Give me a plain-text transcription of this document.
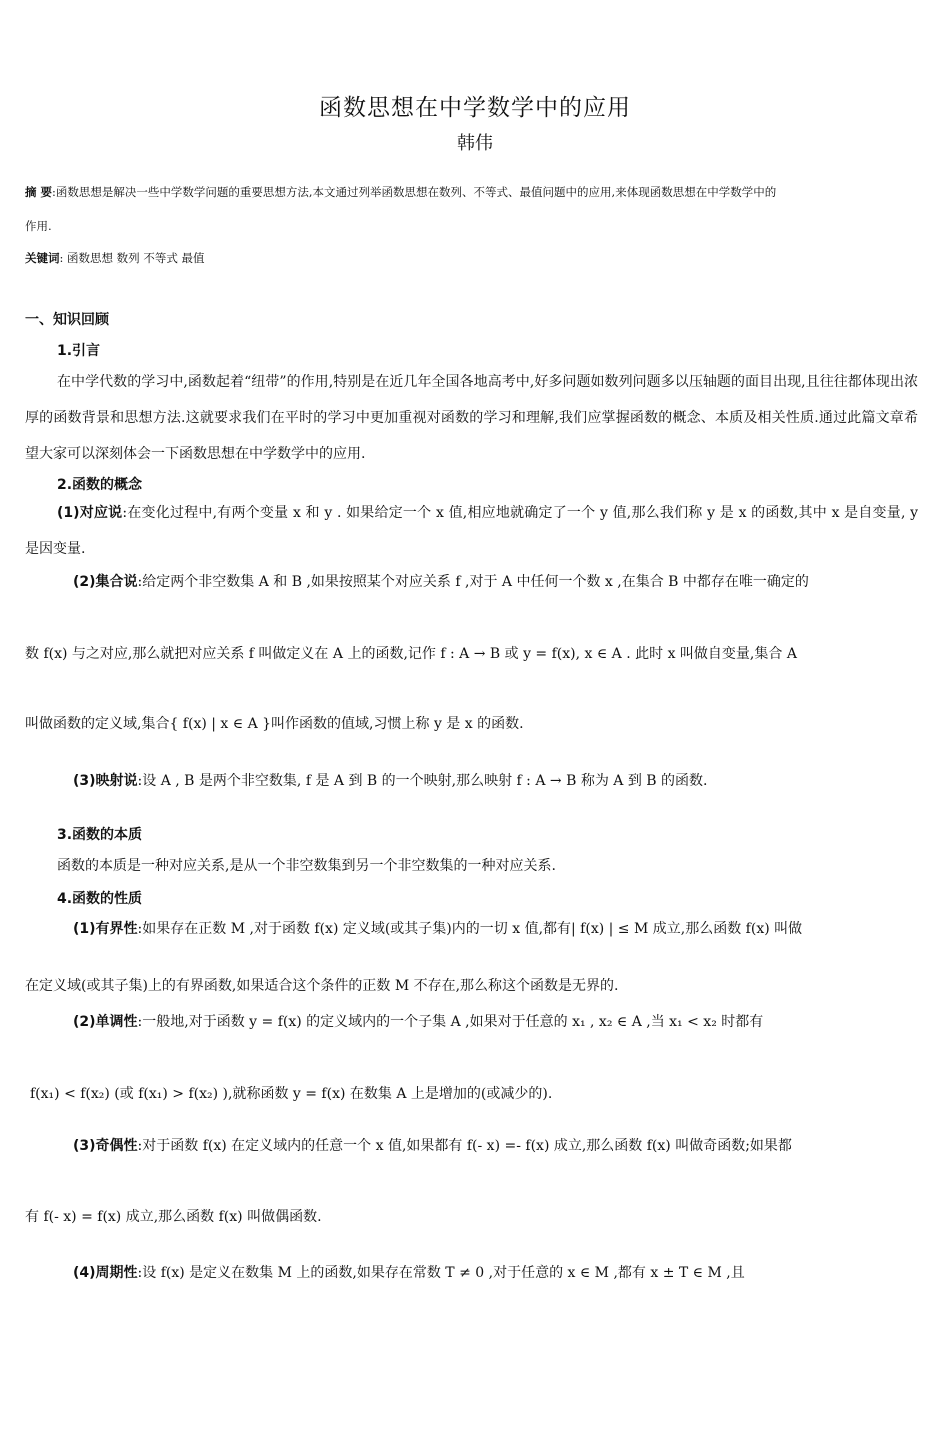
函数思想在中学数学中的应用
韩伟
摘 要:函数思想是解决一些中学数学问题的重要思想方法,本文通过列举函数思想在数列、不等式、最值问题中的应用,来体现函数思想在中学数学中的
作用.
关键词: 函数思想 数列 不等式 最值
一、知识回顾
1.引言
在中学代数的学习中,函数起着“纽带”的作用,特别是在近几年全国各地高考中,好多问题如数列问题多以压轴题的面目出现,且往往都体现出浓厚的函数背景和思想方法.这就要求我们在平时的学习中更加重视对函数的学习和理解,我们应掌握函数的概念、本质及相关性质.通过此篇文章希望大家可以深刻体会一下函数思想在中学数学中的应用.
2.函数的概念
(1)对应说:在变化过程中,有两个变量 x 和 y . 如果给定一个 x 值,相应地就确定了一个 y 值,那么我们称 y 是 x 的函数,其中 x 是自变量, y 是因变量.
(2)集合说:给定两个非空数集 A 和 B ,如果按照某个对应关系 f ,对于 A 中任何一个数 x ,在集合 B 中都存在唯一确定的
数 f(x) 与之对应,那么就把对应关系 f 叫做定义在 A 上的函数,记作 f : A → B 或 y = f(x), x ∈ A . 此时 x 叫做自变量,集合 A
叫做函数的定义域,集合{ f(x) | x ∈ A }叫作函数的值域,习惯上称 y 是 x 的函数.
(3)映射说:设 A , B 是两个非空数集, f 是 A 到 B 的一个映射,那么映射 f : A → B 称为 A 到 B 的函数.
3.函数的本质
函数的本质是一种对应关系,是从一个非空数集到另一个非空数集的一种对应关系.
4.函数的性质
(1)有界性:如果存在正数 M ,对于函数 f(x) 定义域(或其子集)内的一切 x 值,都有| f(x) | ≤ M 成立,那么函数 f(x) 叫做
在定义域(或其子集)上的有界函数,如果适合这个条件的正数 M 不存在,那么称这个函数是无界的.
(2)单调性:一般地,对于函数 y = f(x) 的定义域内的一个子集 A ,如果对于任意的 x₁ , x₂ ∈ A ,当 x₁ < x₂ 时都有
f(x₁) < f(x₂) (或 f(x₁) > f(x₂) ),就称函数 y = f(x) 在数集 A 上是增加的(或减少的).
(3)奇偶性:对于函数 f(x) 在定义域内的任意一个 x 值,如果都有 f(- x) =- f(x) 成立,那么函数 f(x) 叫做奇函数;如果都
有 f(- x) = f(x) 成立,那么函数 f(x) 叫做偶函数.
(4)周期性:设 f(x) 是定义在数集 M 上的函数,如果存在常数 T ≠ 0 ,对于任意的 x ∈ M ,都有 x ± T ∈ M ,且
